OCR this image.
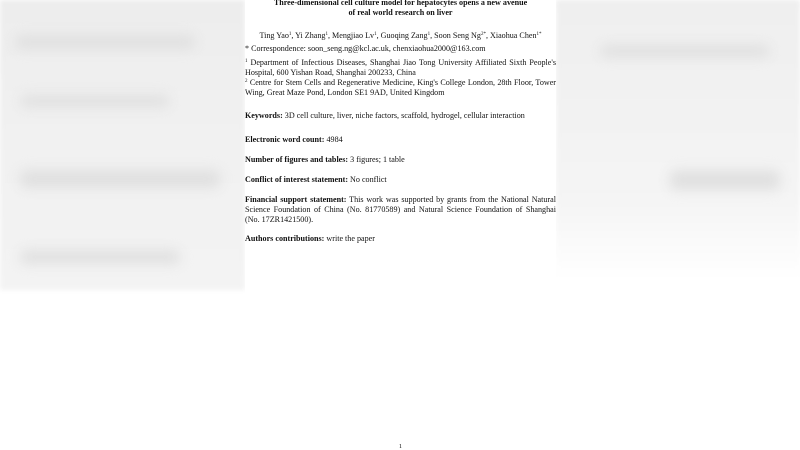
Three-dimensional cell culture model for hepatocytes opens a new avenue
of real world research on liver
Ting Yao$^1$, Yi Zhang$^1$, Mengjiao Lv$^1$, Guoqing Zang$^1$, Soon Seng $Ng^{2*}$, Xiaohua Chen$^{1*}$
* Correspondence: soon_seng.ng@kcl.ac.uk, chenxiaohua2000@163.com
$^1$ Department of Infectious Diseases, Shanghai Jiao Tong University Affiliated Sixth People's Hospital, 600 Yishan Road, Shanghai 200233, China
$^2$ Centre for Stem Cells and Regenerative Medicine, King's College London, 28th Floor, Tower Wing, Great Maze Pond, London SE1 9AD, United Kingdom
Keywords: 3D cell culture, liver, niche factors, scaffold, hydrogel, cellular interaction
Electronic word count: 4984
Number of figures and tables: 3 figures; 1 table
Conflict of interest statement: No conflict
Financial support statement: This work was supported by grants from the National Natural Science Foundation of China (No. 81770589) and Natural Science Foundation of Shanghai (No. 17ZR1421500).
Authors contributions: write the paper
1
